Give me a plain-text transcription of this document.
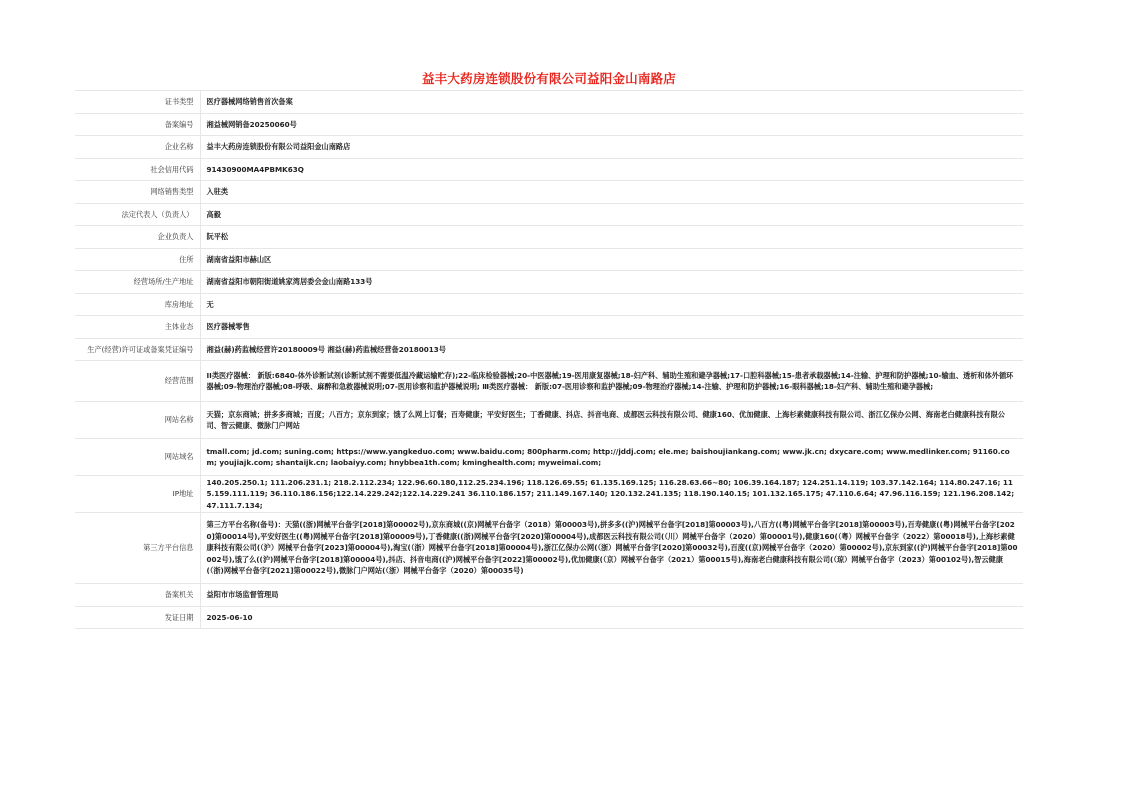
益丰大药房连锁股份有限公司益阳金山南路店
证书类型	医疗器械网络销售首次备案
备案编号	湘益械网销备20250060号
企业名称	益丰大药房连锁股份有限公司益阳金山南路店
社会信用代码	91430900MA4PBMK63Q
网络销售类型	入驻类
法定代表人（负责人）	高毅
企业负责人	阮平松
住所	湖南省益阳市赫山区
经营场所/生产地址	湖南省益阳市朝阳街道姚家湾居委会金山南路133号
库房地址	无
主体业态	医疗器械零售
生产(经营)许可证或备案凭证编号	湘益(赫)药监械经营许20180009号 湘益(赫)药监械经营备20180013号
经营范围	II类医疗器械： 新版:6840-体外诊断试剂(诊断试剂不需要低温冷藏运输贮存);22-临床检验器械;20-中医器械;19-医用康复器械;18-妇产科、辅助生殖和避孕器械;17-口腔科器械;15-患者承载器械;14-注输、护理和防护器械;10-输血、透析和体外循环器械;09-物理治疗器械;08-呼吸、麻醉和急救器械说明;07-医用诊察和监护器械说明; Ⅲ类医疗器械： 新版:07-医用诊察和监护器械;09-物理治疗器械;14-注输、护理和防护器械;16-眼科器械;18-妇产科、辅助生殖和避孕器械;
网站名称	天猫；京东商城；拼多多商城；百度；八百方；京东到家；饿了么网上订餐；百寿健康；平安好医生；丁香健康、抖店、抖音电商、成都医云科技有限公司、健康160、优加健康、上海杉素健康科技有限公司、浙江亿保办公网、海南老白健康科技有限公司、智云健康、微脉门户网站
网站域名	tmall.com; jd.com; suning.com; https://www.yangkeduo.com; www.baidu.com; 800pharm.com; http://jddj.com; ele.me; baishoujiankang.com; www.jk.cn; dxycare.com; www.medlinker.com; 91160.com; youjiajk.com; shantaijk.cn; laobaiyy.com; hnybbea1th.com; kminghealth.com; myweimai.com;
IP地址	140.205.250.1; 111.206.231.1; 218.2.112.234; 122.96.60.180,112.25.234.196; 118.126.69.55; 61.135.169.125; 116.28.63.66~80; 106.39.164.187; 124.251.14.119; 103.37.142.164; 114.80.247.16; 115.159.111.119; 36.110.186.156;122.14.229.242;122.14.229.241 36.110.186.157; 211.149.167.140; 120.132.241.135; 118.190.140.15; 101.132.165.175; 47.110.6.64; 47.96.116.159; 121.196.208.142; 47.111.7.134;
第三方平台信息	第三方平台名称(备号)：天猫((浙)网械平台备字[2018]第00002号),京东商城((京)网械平台备字（2018）第00003号),拼多多((沪)网械平台备字[2018]第00003号),八百方((粤)网械平台备字[2018]第00003号),百寿健康((粤)网械平台备字[2020]第00014号),平安好医生((粤)网械平台备字[2018]第00009号),丁香健康((浙)网械平台备字[2020]第00004号),成都医云科技有限公司(（川）网械平台备字（2020）第00001号),健康160(（粤）网械平台备字（2022）第00018号),上海杉素健康科技有限公司(（沪）网械平台备字[2023]第00004号),淘宝(（浙）网械平台备字[2018]第00004号),浙江亿保办公网(（浙）网械平台备字[2020]第00032号),百度((京)网械平台备字（2020）第00002号),京东到家((沪)网械平台备字[2018]第00002号),饿了么((沪)网械平台备字[2018]第00004号),抖店、抖音电商((沪)网械平台备字[2022]第00002号),优加健康(（京）网械平台备字（2021）第00015号),海南老白健康科技有限公司(（琼）网械平台备字（2023）第00102号),智云健康(（浙)网械平台备字[2021]第00022号),微脉门户网站(（浙）网械平台备字（2020）第00035号)
备案机关	益阳市市场监督管理局
发证日期	2025-06-10
